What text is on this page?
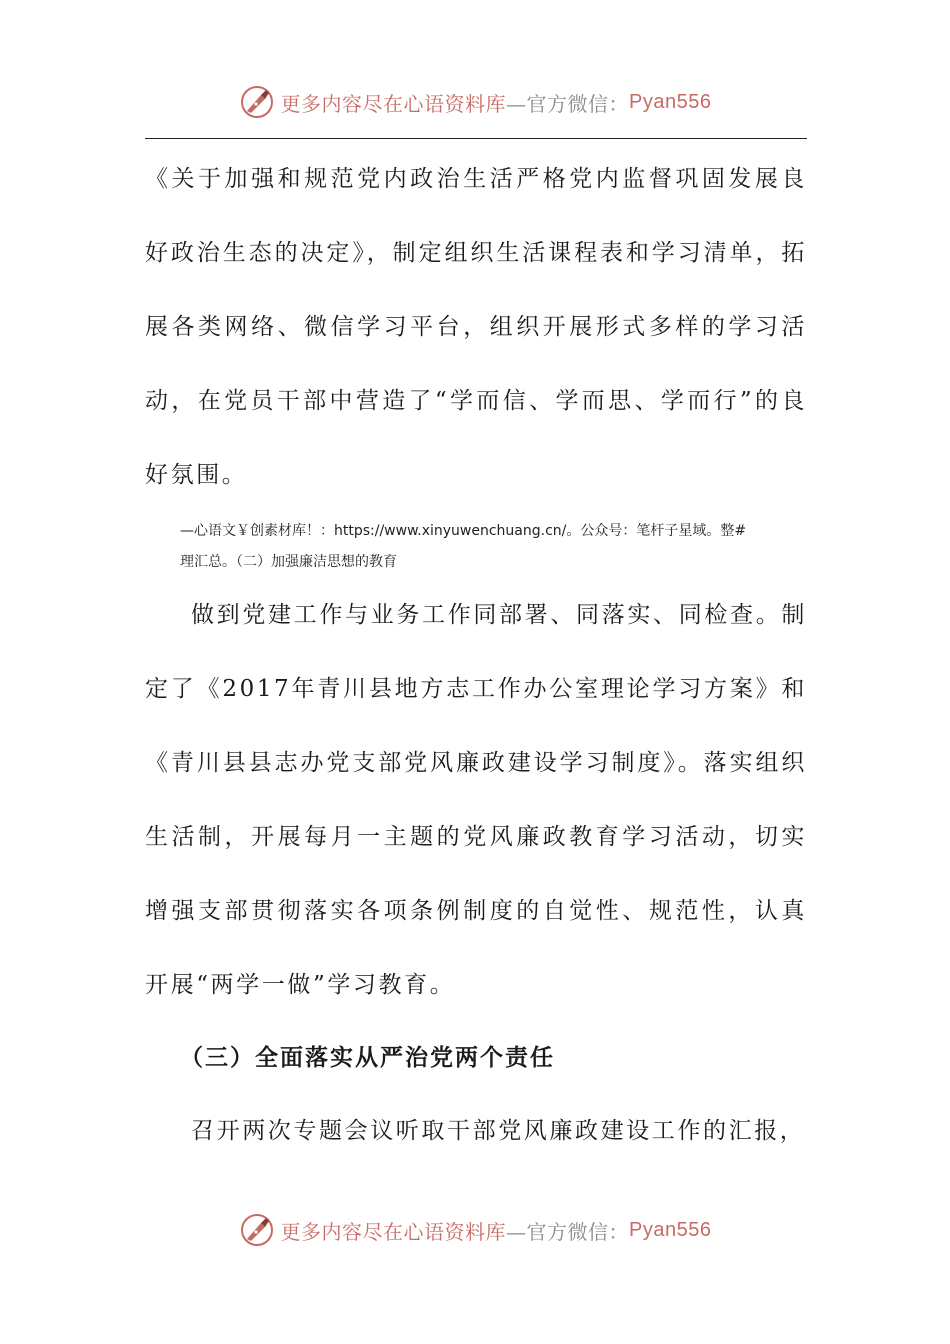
更多内容尽在心语资料库 —官方微信： Pyan556

《关于加强和规范党内政治生活严格党内监督巩固发展良好政治生态的决定》，制定组织生活课程表和学习清单，拓展各类网络、微信学习平台，组织开展形式多样的学习活动，在党员干部中营造了“学而信、学而思、学而行”的良好氛围。

—心语文￥创素材库！：https://www.xinyuwenchuang.cn/。公众号：笔杆子星域。整#
理汇总。（二）加强廉洁思想的教育

做到党建工作与业务工作同部署、同落实、同检查。制定了《2017年青川县地方志工作办公室理论学习方案》和《青川县县志办党支部党风廉政建设学习制度》。落实组织生活制，开展每月一主题的党风廉政教育学习活动，切实增强支部贯彻落实各项条例制度的自觉性、规范性，认真开展“两学一做”学习教育。

（三）全面落实从严治党两个责任

召开两次专题会议听取干部党风廉政建设工作的汇报，

更多内容尽在心语资料库 —官方微信： Pyan556
